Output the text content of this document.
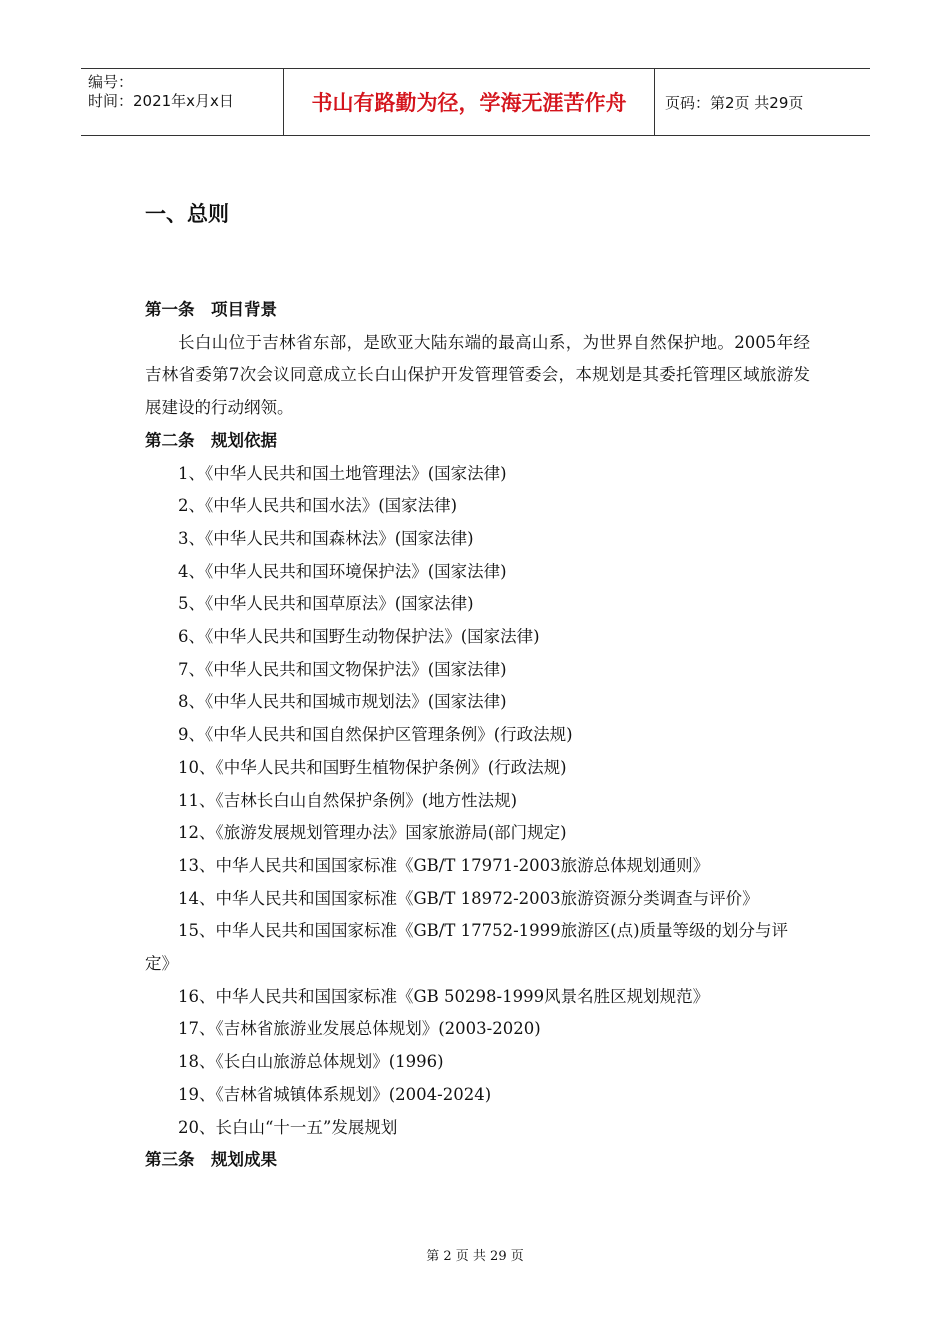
编号：
时间：2021年x月x日	书山有路勤为径，学海无涯苦作舟	页码：第2页 共29页
一、总则
第一条　项目背景
长白山位于吉林省东部，是欧亚大陆东端的最高山系，为世界自然保护地。2005年经吉林省委第7次会议同意成立长白山保护开发管理管委会，本规划是其委托管理区域旅游发展建设的行动纲领。
第二条　规划依据
1、《中华人民共和国土地管理法》(国家法律)
2、《中华人民共和国水法》(国家法律)
3、《中华人民共和国森林法》(国家法律)
4、《中华人民共和国环境保护法》(国家法律)
5、《中华人民共和国草原法》(国家法律)
6、《中华人民共和国野生动物保护法》(国家法律)
7、《中华人民共和国文物保护法》(国家法律)
8、《中华人民共和国城市规划法》(国家法律)
9、《中华人民共和国自然保护区管理条例》(行政法规)
10、《中华人民共和国野生植物保护条例》(行政法规)
11、《吉林长白山自然保护条例》(地方性法规)
12、《旅游发展规划管理办法》国家旅游局(部门规定)
13、中华人民共和国国家标准《GB/T 17971-2003旅游总体规划通则》
14、中华人民共和国国家标准《GB/T 18972-2003旅游资源分类调查与评价》
15、中华人民共和国国家标准《GB/T 17752-1999旅游区(点)质量等级的划分与评定》
16、中华人民共和国国家标准《GB 50298-1999风景名胜区规划规范》
17、《吉林省旅游业发展总体规划》(2003-2020)
18、《长白山旅游总体规划》(1996)
19、《吉林省城镇体系规划》(2004-2024)
20、长白山“十一五”发展规划
第三条　规划成果
第 2 页 共 29 页
